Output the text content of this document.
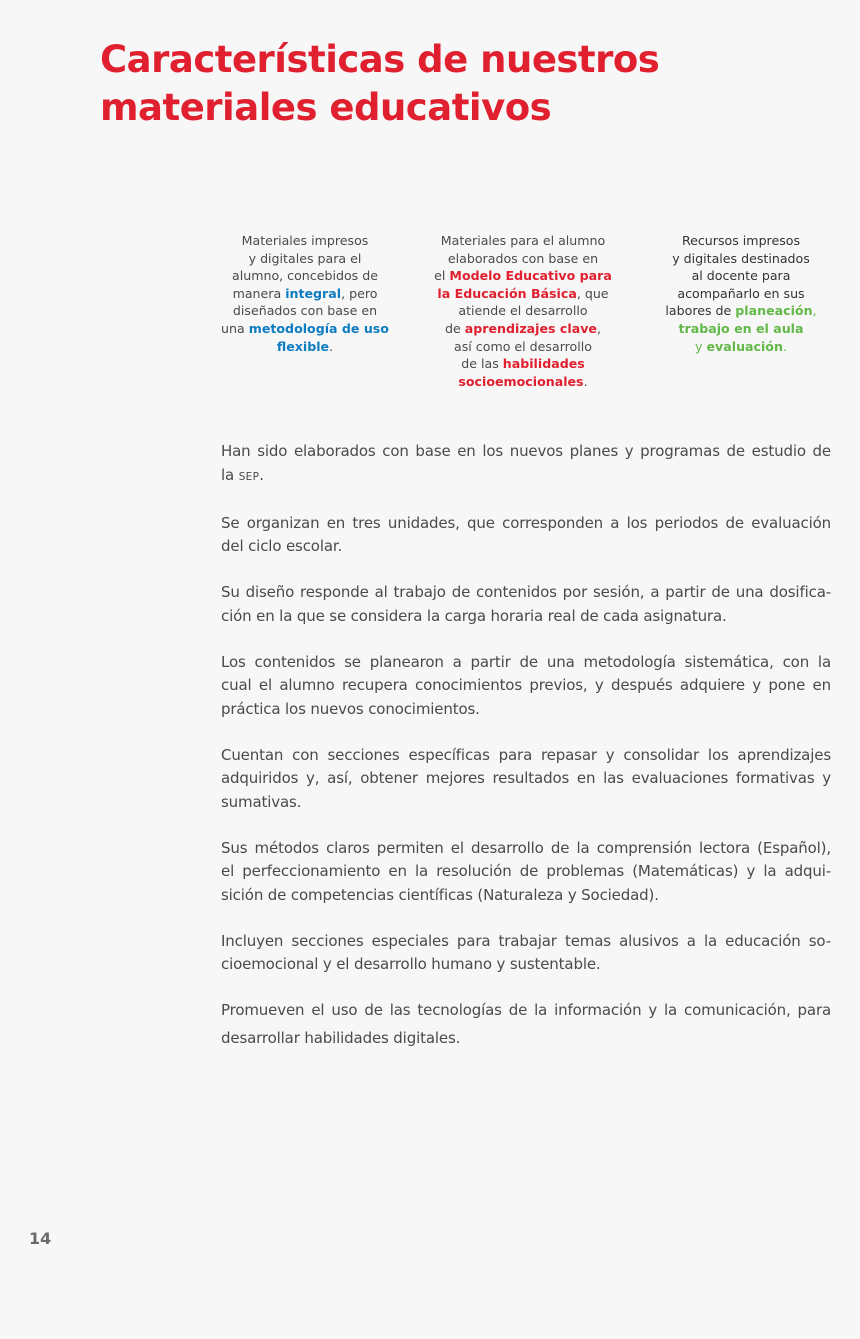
Características de nuestros
materiales educativos
Materiales impresos
y digitales para el
alumno, concebidos de
manera integral, pero
diseñados con base en
una metodología de uso
flexible.
Materiales para el alumno
elaborados con base en
el Modelo Educativo para
la Educación Básica, que
atiende el desarrollo
de aprendizajes clave,
así como el desarrollo
de las habilidades
socioemocionales.
Recursos impresos
y digitales destinados
al docente para
acompañarlo en sus
labores de planeación,
trabajo en el aula
y evaluación.

Han sido elaborados con base en los nuevos planes y programas de estudio de
la SEP.

Se organizan en tres unidades, que corresponden a los periodos de evaluación
del ciclo escolar.

Su diseño responde al trabajo de contenidos por sesión, a partir de una dosifica-
ción en la que se considera la carga horaria real de cada asignatura.

Los contenidos se planearon a partir de una metodología sistemática, con la
cual el alumno recupera conocimientos previos, y después adquiere y pone en
práctica los nuevos conocimientos.

Cuentan con secciones específicas para repasar y consolidar los aprendizajes
adquiridos y, así, obtener mejores resultados en las evaluaciones formativas y
sumativas.

Sus métodos claros permiten el desarrollo de la comprensión lectora (Español),
el perfeccionamiento en la resolución de problemas (Matemáticas) y la adqui-
sición de competencias científicas (Naturaleza y Sociedad).

Incluyen secciones especiales para trabajar temas alusivos a la educación so-
cioemocional y el desarrollo humano y sustentable.

Promueven el uso de las tecnologías de la información y la comunicación, para
desarrollar habilidades digitales.

14
